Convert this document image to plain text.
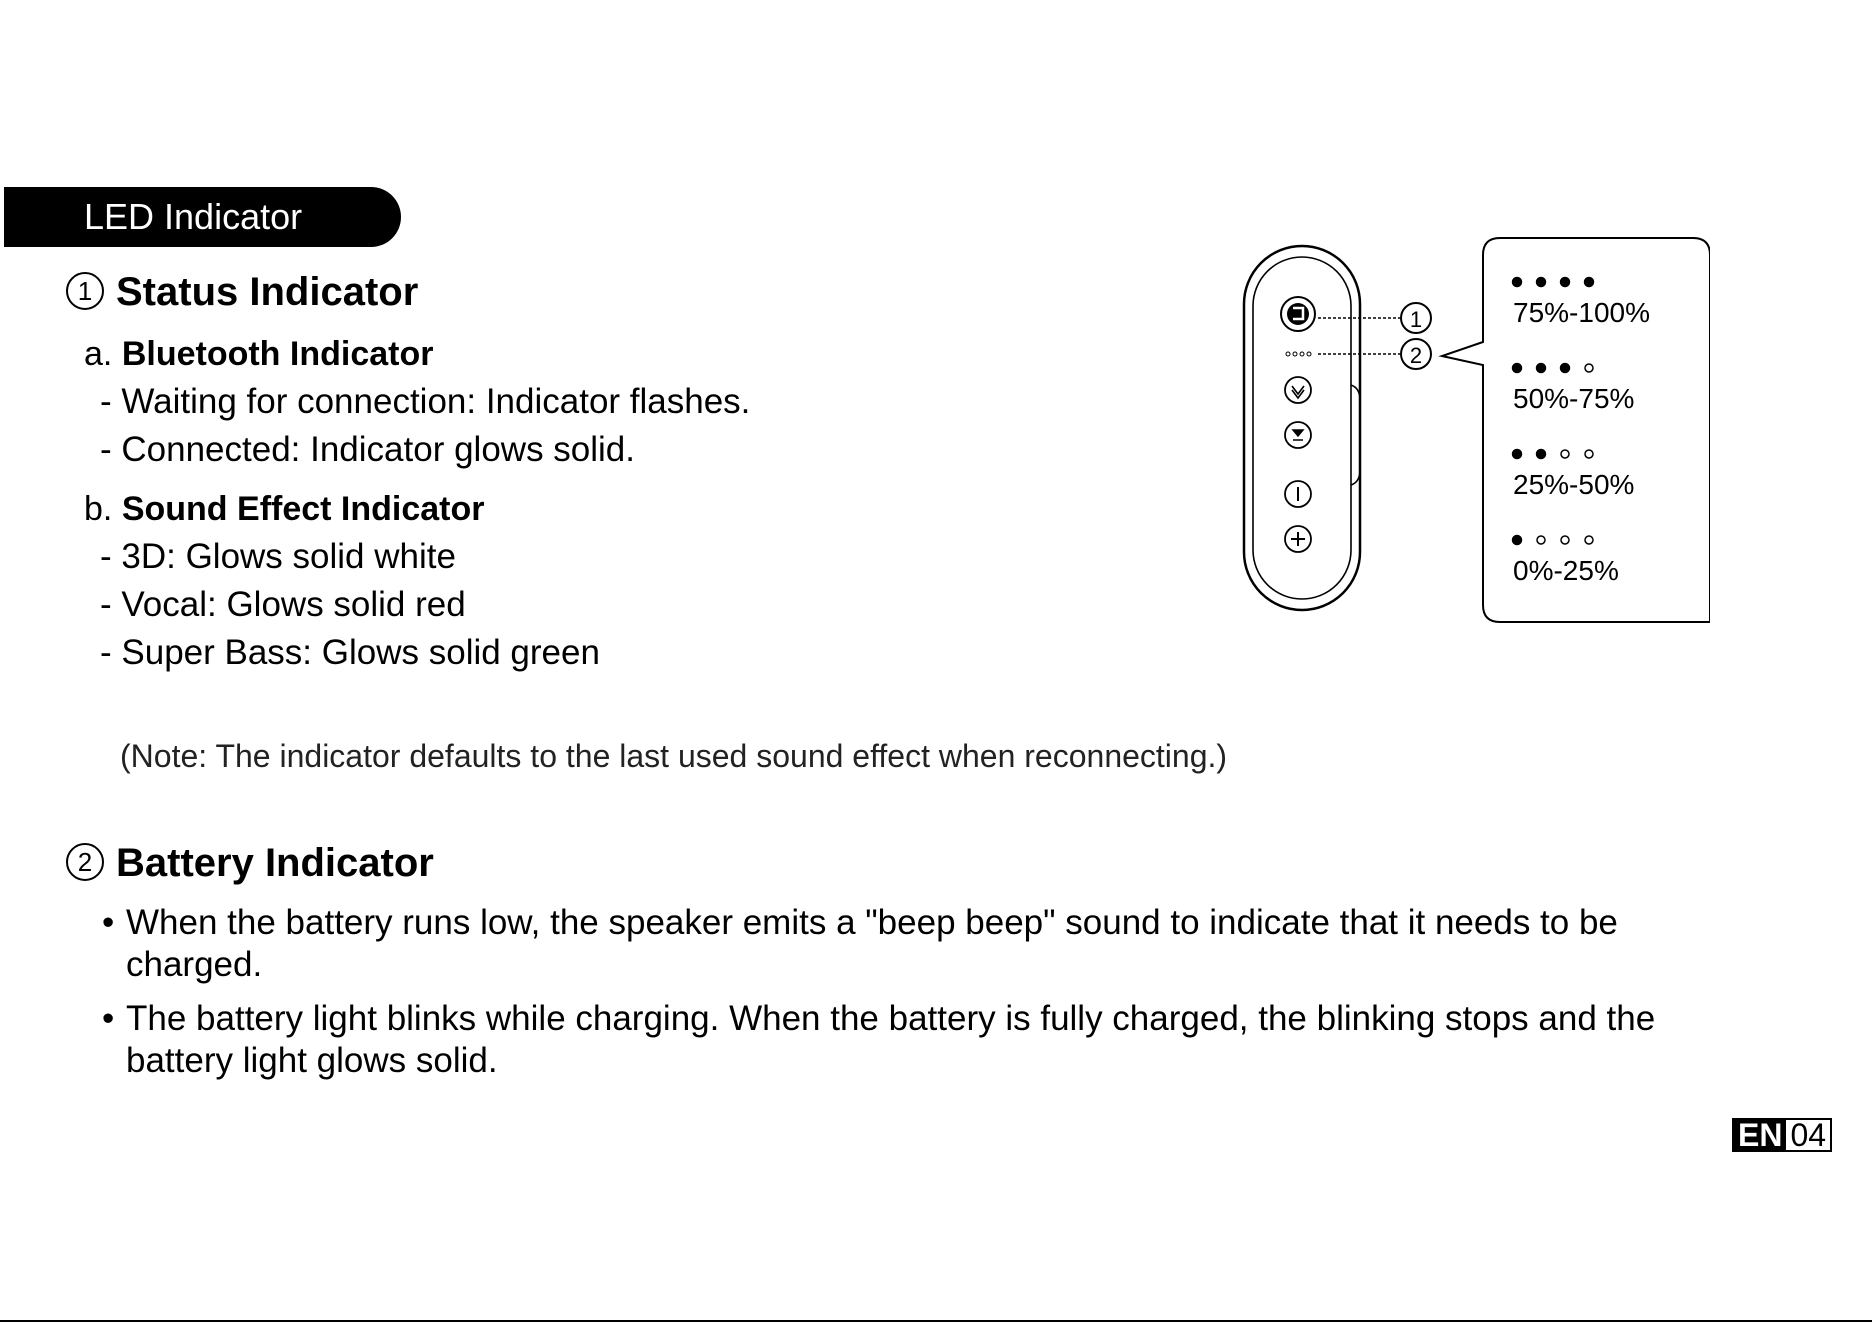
LED Indicator
1 Status Indicator
a. Bluetooth Indicator
- Waiting for connection: Indicator flashes.
- Connected: Indicator glows solid.
b. Sound Effect Indicator
- 3D: Glows solid white
- Vocal: Glows solid red
- Super Bass: Glows solid green
(Note: The indicator defaults to the last used sound effect when reconnecting.)
2 Battery Indicator
• When the battery runs low, the speaker emits a "beep beep" sound to indicate that it needs to be charged.
• The battery light blinks while charging. When the battery is fully charged, the blinking stops and the battery light glows solid.
1
2
75%-100%
50%-75%
25%-50%
0%-25%
EN 04
